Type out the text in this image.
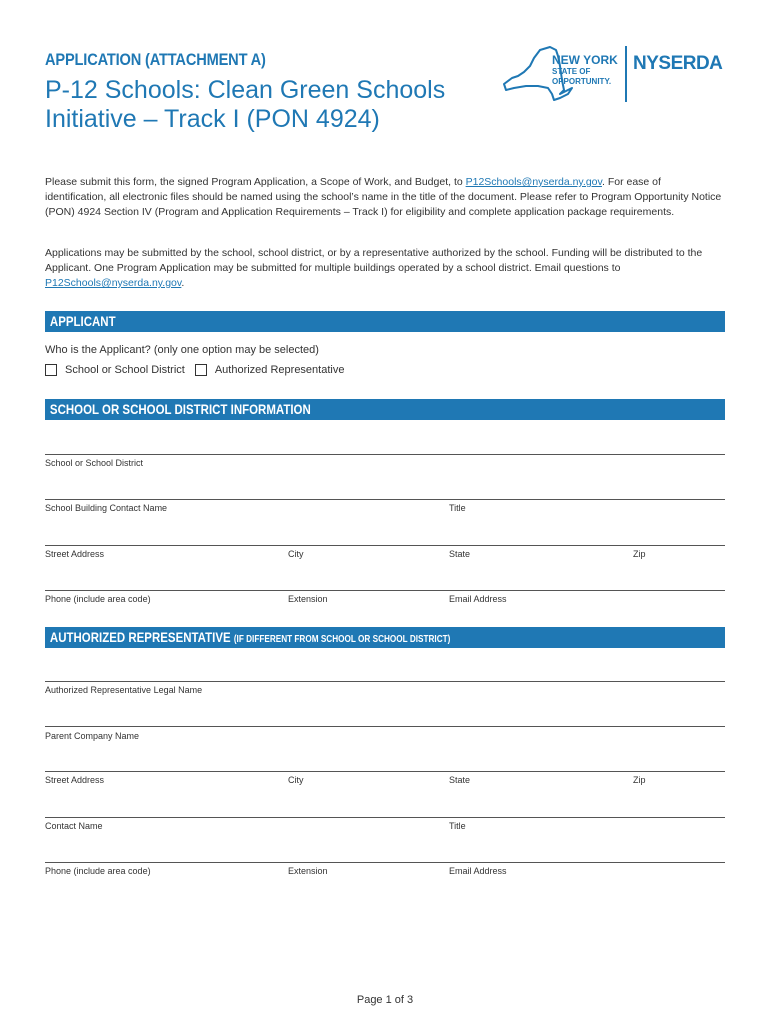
APPLICATION (ATTACHMENT A)
P-12 Schools: Clean Green Schools
Initiative – Track I (PON 4924)
NEW YORK
STATE OF
OPPORTUNITY.
NYSERDA
Please submit this form, the signed Program Application, a Scope of Work, and Budget, to P12Schools@nyserda.ny.gov. For ease of identification, all electronic files should be named using the school’s name in the title of the document. Please refer to Program Opportunity Notice (PON) 4924 Section IV (Program and Application Requirements – Track I) for eligibility and complete application package requirements.
Applications may be submitted by the school, school district, or by a representative authorized by the school. Funding will be distributed to the Applicant. One Program Application may be submitted for multiple buildings operated by a school district. Email questions to P12Schools@nyserda.ny.gov.
APPLICANT
Who is the Applicant? (only one option may be selected)
School or School District	Authorized Representative
SCHOOL OR SCHOOL DISTRICT INFORMATION
School or School District
School Building Contact Name	Title
Street Address	City	State	Zip
Phone (include area code)	Extension	Email Address
AUTHORIZED REPRESENTATIVE (IF DIFFERENT FROM SCHOOL OR SCHOOL DISTRICT)
Authorized Representative Legal Name
Parent Company Name
Street Address	City	State	Zip
Contact Name	Title
Phone (include area code)	Extension	Email Address
Page 1 of 3
